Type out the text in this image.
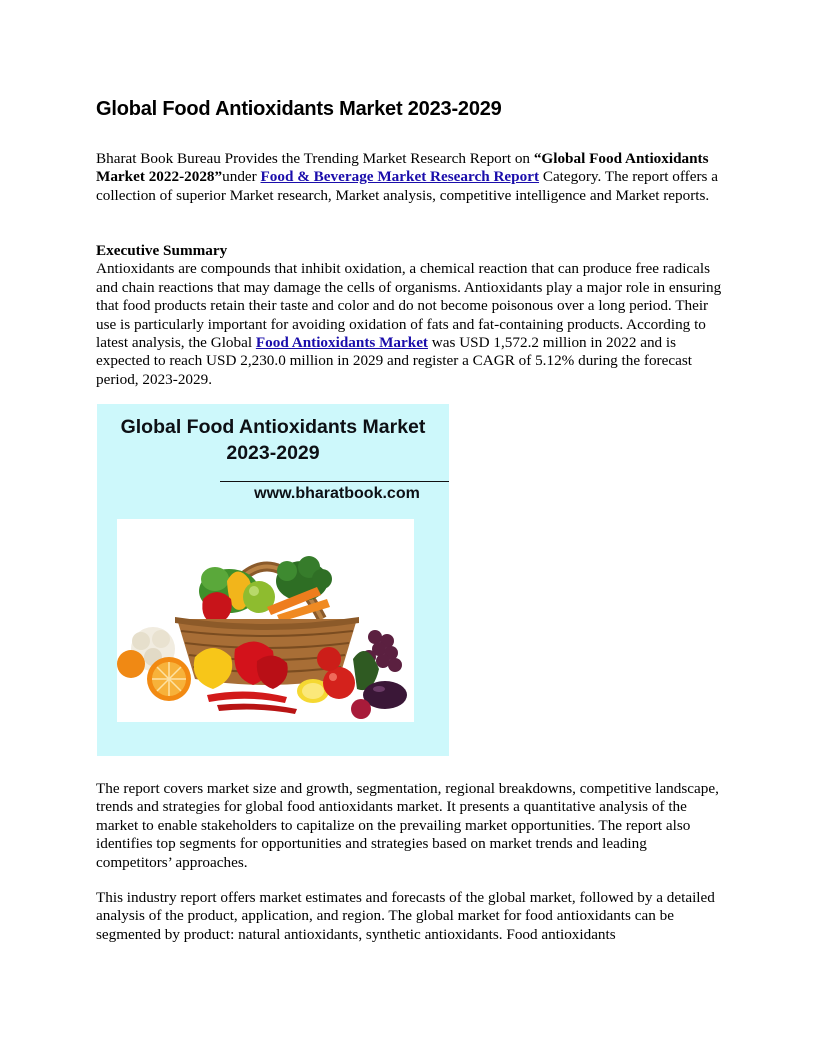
Global Food Antioxidants Market 2023-2029

Bharat Book Bureau Provides the Trending Market Research Report on “Global Food Antioxidants Market 2022-2028”under Food & Beverage Market Research Report Category. The report offers a collection of superior Market research, Market analysis, competitive intelligence and Market reports.

Executive Summary
Antioxidants are compounds that inhibit oxidation, a chemical reaction that can produce free radicals and chain reactions that may damage the cells of organisms. Antioxidants play a major role in ensuring that food products retain their taste and color and do not become poisonous over a long period. Their use is particularly important for avoiding oxidation of fats and fat-containing products. According to latest analysis, the Global Food Antioxidants Market was USD 1,572.2 million in 2022 and is expected to reach USD 2,230.0 million in 2029 and register a CAGR of 5.12% during the forecast period, 2023-2029.

Global Food Antioxidants Market
2023-2029

www.bharatbook.com

The report covers market size and growth, segmentation, regional breakdowns, competitive landscape, trends and strategies for global food antioxidants market. It presents a quantitative analysis of the market to enable stakeholders to capitalize on the prevailing market opportunities. The report also identifies top segments for opportunities and strategies based on market trends and leading competitors’ approaches.

This industry report offers market estimates and forecasts of the global market, followed by a detailed analysis of the product, application, and region. The global market for food antioxidants can be segmented by product: natural antioxidants, synthetic antioxidants. Food antioxidants
